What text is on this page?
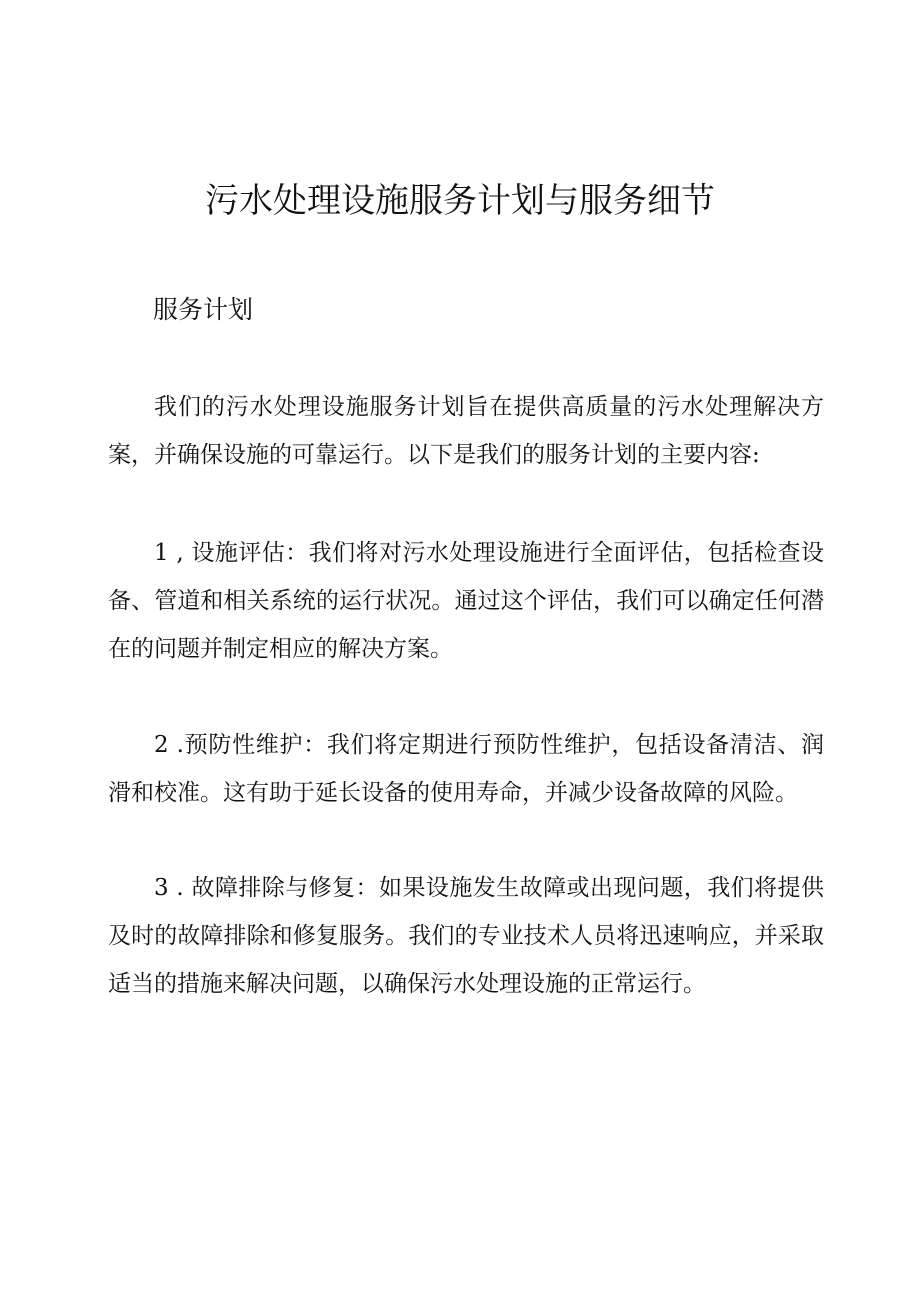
污水处理设施服务计划与服务细节
服务计划

我们的污水处理设施服务计划旨在提供高质量的污水处理解决方案，并确保设施的可靠运行。以下是我们的服务计划的主要内容:

1 , 设施评估：我们将对污水处理设施进行全面评估，包括检查设备、管道和相关系统的运行状况。通过这个评估，我们可以确定任何潜在的问题并制定相应的解决方案。

2 .预防性维护：我们将定期进行预防性维护，包括设备清洁、润滑和校准。这有助于延长设备的使用寿命，并减少设备故障的风险。

3 . 故障排除与修复：如果设施发生故障或出现问题，我们将提供及时的故障排除和修复服务。我们的专业技术人员将迅速响应，并采取适当的措施来解决问题，以确保污水处理设施的正常运行。
